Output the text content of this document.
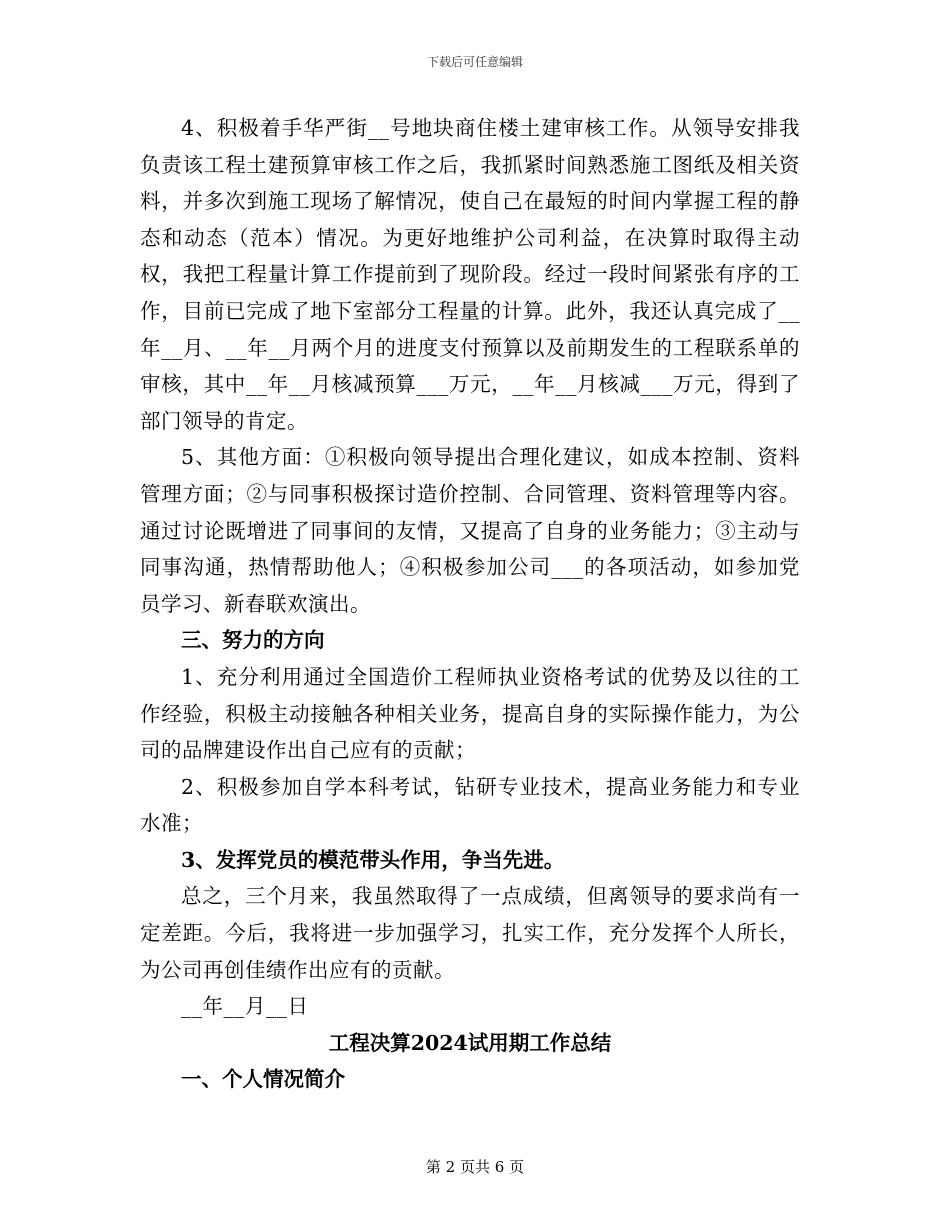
下载后可任意编辑

4、积极着手华严街__号地块商住楼土建审核工作。从领导安排我负责该工程土建预算审核工作之后，我抓紧时间熟悉施工图纸及相关资料，并多次到施工现场了解情况，使自己在最短的时间内掌握工程的静态和动态（范本）情况。为更好地维护公司利益，在决算时取得主动权，我把工程量计算工作提前到了现阶段。经过一段时间紧张有序的工作，目前已完成了地下室部分工程量的计算。此外，我还认真完成了__年__月、__年__月两个月的进度支付预算以及前期发生的工程联系单的审核，其中__年__月核减预算___万元，__年__月核减___万元，得到了部门领导的肯定。

5、其他方面：①积极向领导提出合理化建议，如成本控制、资料管理方面；②与同事积极探讨造价控制、合同管理、资料管理等内容。通过讨论既增进了同事间的友情，又提高了自身的业务能力；③主动与同事沟通，热情帮助他人；④积极参加公司___的各项活动，如参加党员学习、新春联欢演出。

三、努力的方向

1、充分利用通过全国造价工程师执业资格考试的优势及以往的工作经验，积极主动接触各种相关业务，提高自身的实际操作能力，为公司的品牌建设作出自己应有的贡献；

2、积极参加自学本科考试，钻研专业技术，提高业务能力和专业水准；

3、发挥党员的模范带头作用，争当先进。

总之，三个月来，我虽然取得了一点成绩，但离领导的要求尚有一定差距。今后，我将进一步加强学习，扎实工作，充分发挥个人所长，为公司再创佳绩作出应有的贡献。

__年__月__日

工程决算2024试用期工作总结

一、个人情况简介

第 2 页共 6 页
